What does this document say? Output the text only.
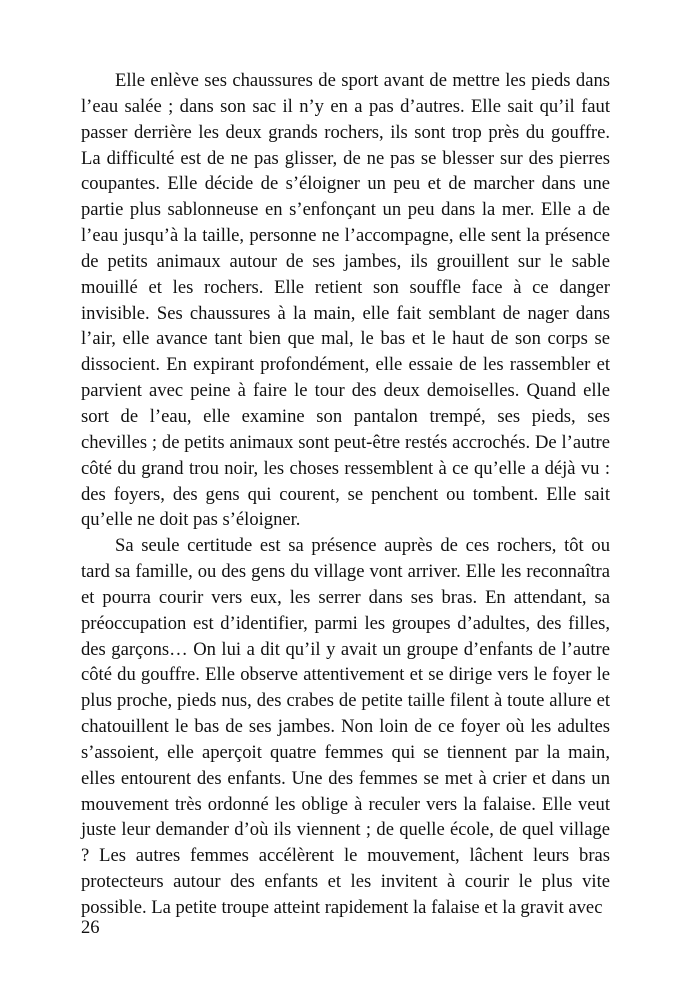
Elle enlève ses chaussures de sport avant de mettre les pieds dans l’eau salée ; dans son sac il n’y en a pas d’autres. Elle sait qu’il faut passer derrière les deux grands rochers, ils sont trop près du gouffre. La difficulté est de ne pas glisser, de ne pas se blesser sur des pierres coupantes. Elle décide de s’éloigner un peu et de marcher dans une partie plus sablonneuse en s’enfonçant un peu dans la mer. Elle a de l’eau jusqu’à la taille, personne ne l’accompagne, elle sent la présence de petits animaux autour de ses jambes, ils grouillent sur le sable mouillé et les rochers. Elle retient son souffle face à ce danger invisible. Ses chaussures à la main, elle fait semblant de nager dans l’air, elle avance tant bien que mal, le bas et le haut de son corps se dissocient. En expirant profondément, elle essaie de les rassembler et parvient avec peine à faire le tour des deux demoiselles. Quand elle sort de l’eau, elle examine son pantalon trempé, ses pieds, ses chevilles ; de petits animaux sont peut-être restés accrochés. De l’autre côté du grand trou noir, les choses ressemblent à ce qu’elle a déjà vu : des foyers, des gens qui courent, se penchent ou tombent. Elle sait qu’elle ne doit pas s’éloigner.

Sa seule certitude est sa présence auprès de ces rochers, tôt ou tard sa famille, ou des gens du village vont arriver. Elle les reconnaîtra et pourra courir vers eux, les serrer dans ses bras. En attendant, sa préoccupation est d’identifier, parmi les groupes d’adultes, des filles, des garçons… On lui a dit qu’il y avait un groupe d’enfants de l’autre côté du gouffre. Elle observe attentivement et se dirige vers le foyer le plus proche, pieds nus, des crabes de petite taille filent à toute allure et chatouillent le bas de ses jambes. Non loin de ce foyer où les adultes s’assoient, elle aperçoit quatre femmes qui se tiennent par la main, elles entourent des enfants. Une des femmes se met à crier et dans un mouvement très ordonné les oblige à reculer vers la falaise. Elle veut juste leur demander d’où ils viennent ; de quelle école, de quel village ? Les autres femmes accélèrent le mouvement, lâchent leurs bras protecteurs autour des enfants et les invitent à courir le plus vite possible. La petite troupe atteint rapidement la falaise et la gravit avec

26
